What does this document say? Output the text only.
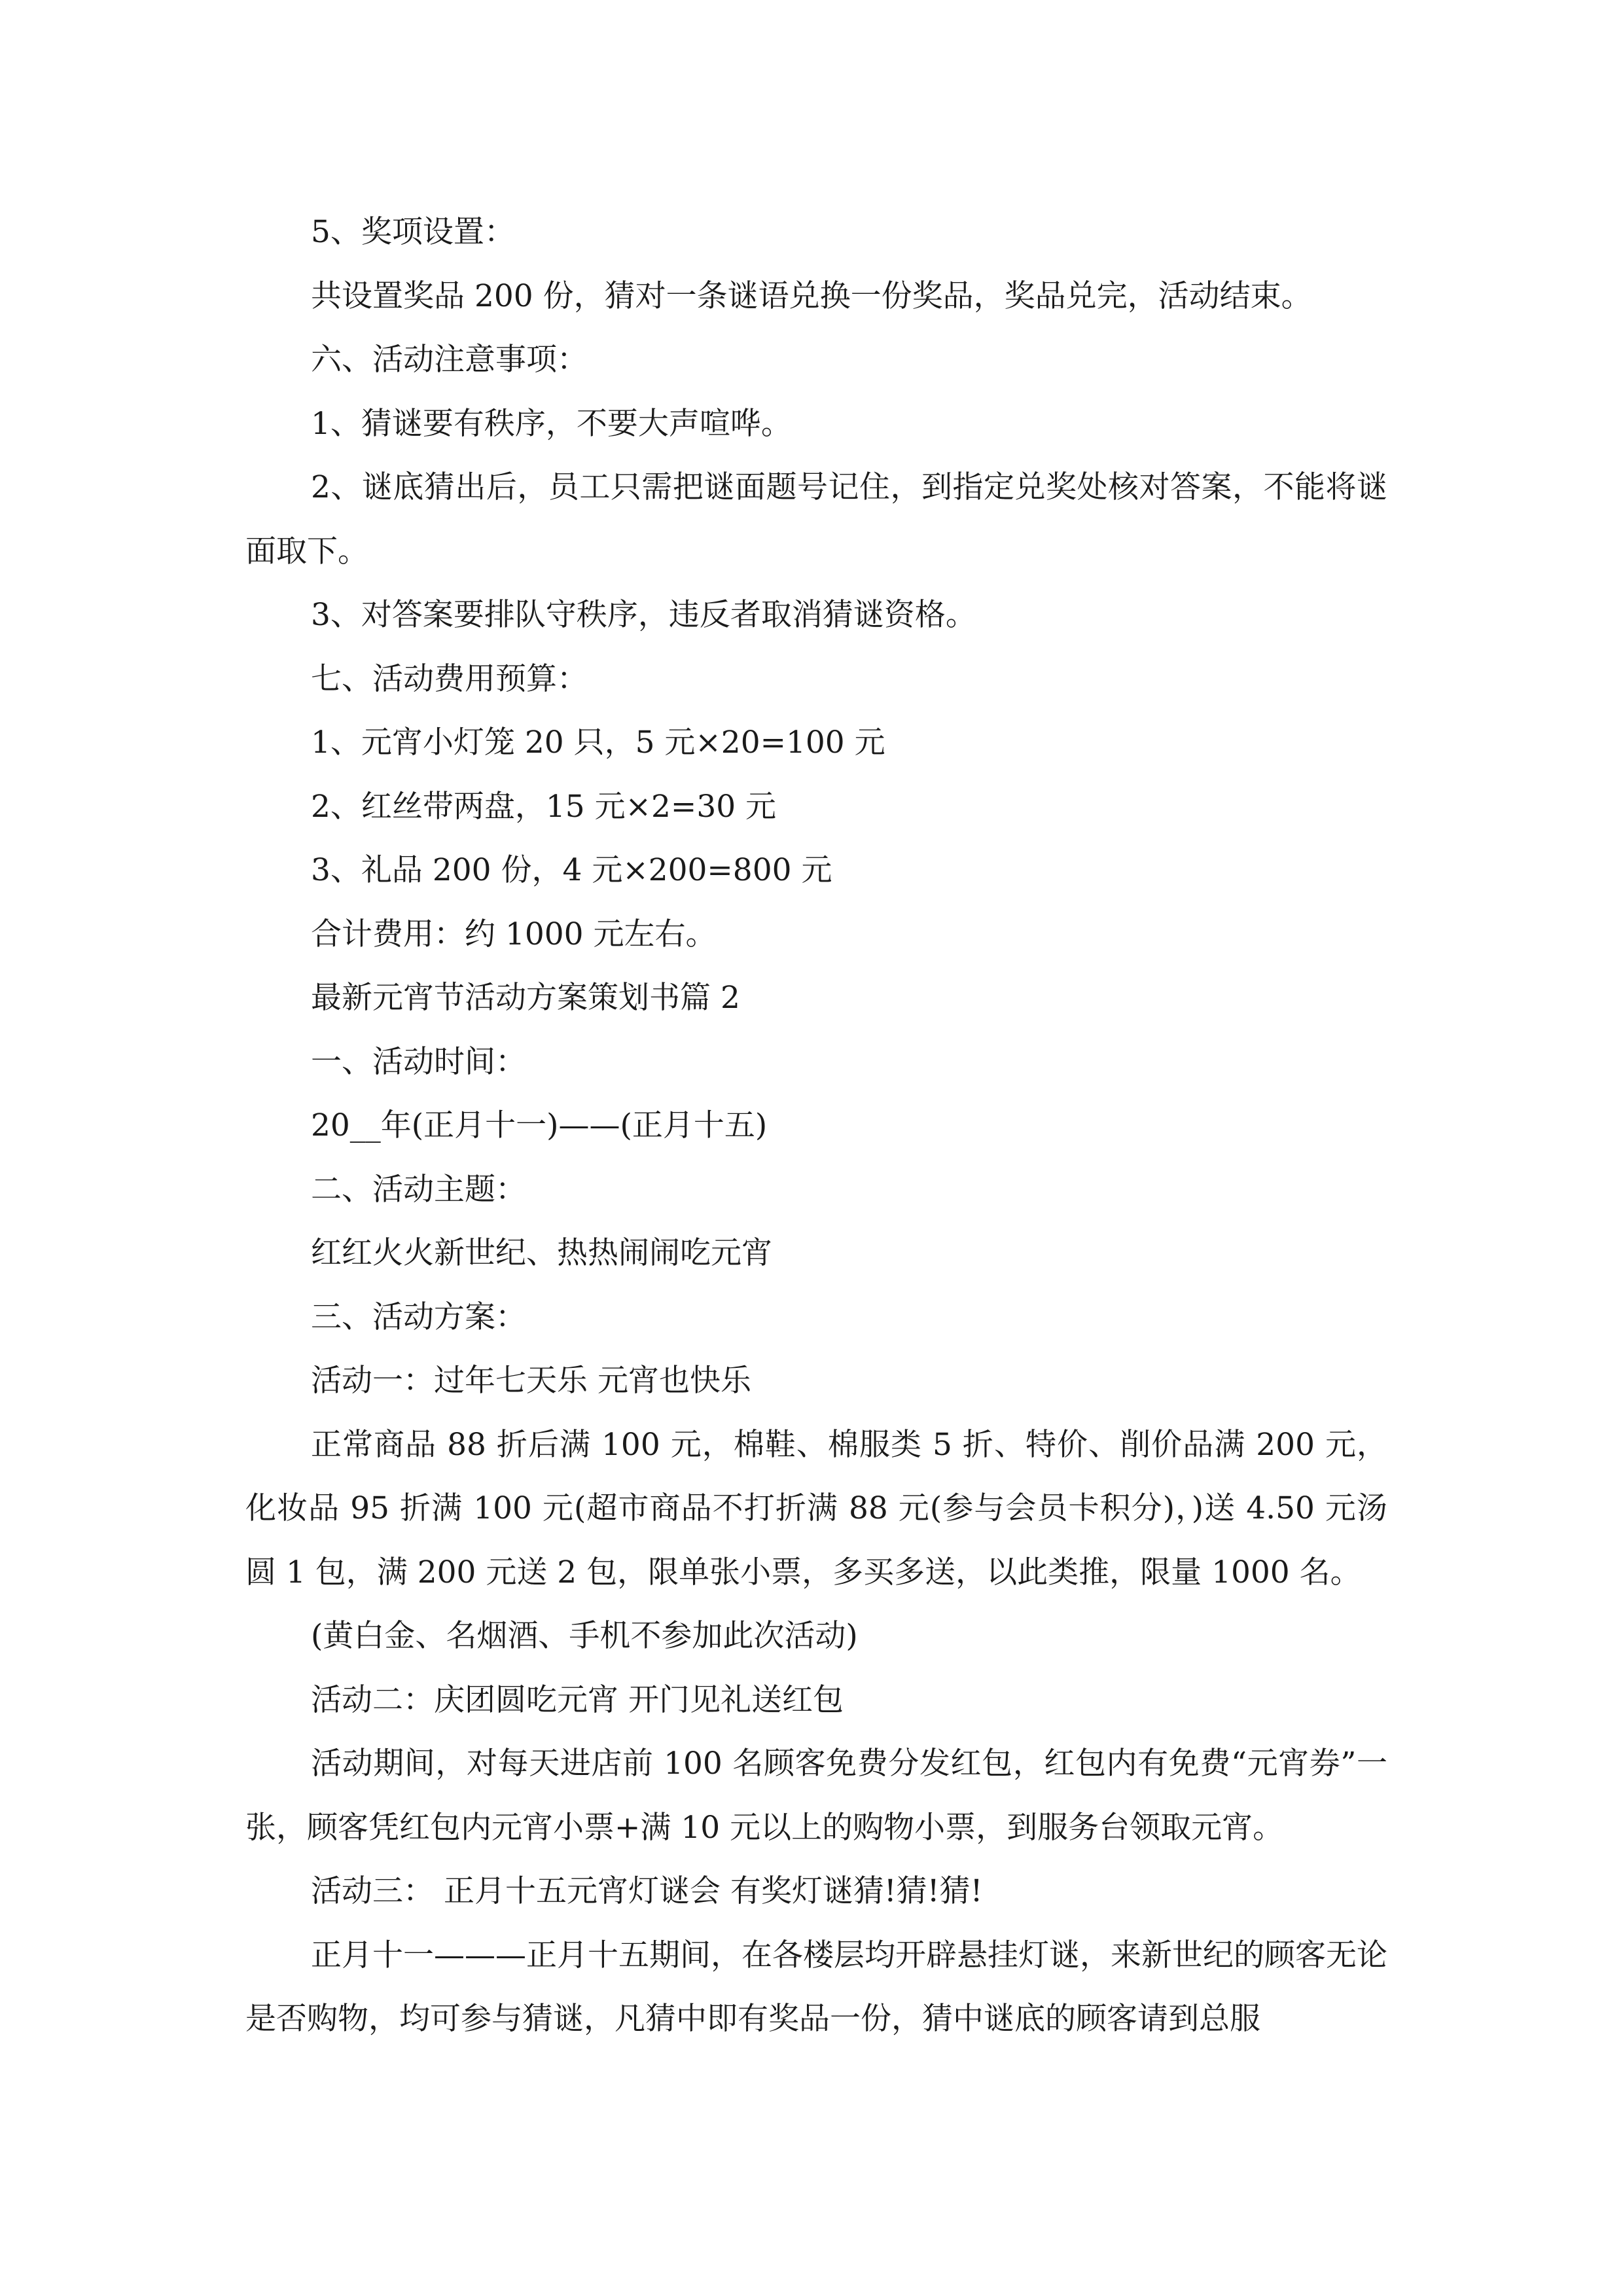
5、奖项设置：

共设置奖品 200 份，猜对一条谜语兑换一份奖品，奖品兑完，活动结束。

六、活动注意事项：

1、猜谜要有秩序，不要大声喧哗。

2、谜底猜出后，员工只需把谜面题号记住，到指定兑奖处核对答案，不能将谜面取下。

3、对答案要排队守秩序，违反者取消猜谜资格。

七、活动费用预算：

1、元宵小灯笼 20 只，5 元×20=100 元

2、红丝带两盘，15 元×2=30 元

3、礼品 200 份，4 元×200=800 元

合计费用：约 1000 元左右。

最新元宵节活动方案策划书篇 2

一、活动时间：

20__年(正月十一)——(正月十五)

二、活动主题：

红红火火新世纪、热热闹闹吃元宵

三、活动方案：

活动一：过年七天乐 元宵也快乐

正常商品 88 折后满 100 元，棉鞋、棉服类 5 折、特价、削价品满 200 元，化妆品 95 折满 100 元(超市商品不打折满 88 元(参与会员卡积分)，)送 4.50 元汤圆 1 包，满 200 元送 2 包，限单张小票，多买多送，以此类推，限量 1000 名。

(黄白金、名烟酒、手机不参加此次活动)

活动二：庆团圆吃元宵 开门见礼送红包

活动期间，对每天进店前 100 名顾客免费分发红包，红包内有免费“元宵券”一张，顾客凭红包内元宵小票+满 10 元以上的购物小票，到服务台领取元宵。

活动三： 正月十五元宵灯谜会 有奖灯谜猜!猜!猜!

正月十一———正月十五期间，在各楼层均开辟悬挂灯谜，来新世纪的顾客无论是否购物，均可参与猜谜，凡猜中即有奖品一份，猜中谜底的顾客请到总服
